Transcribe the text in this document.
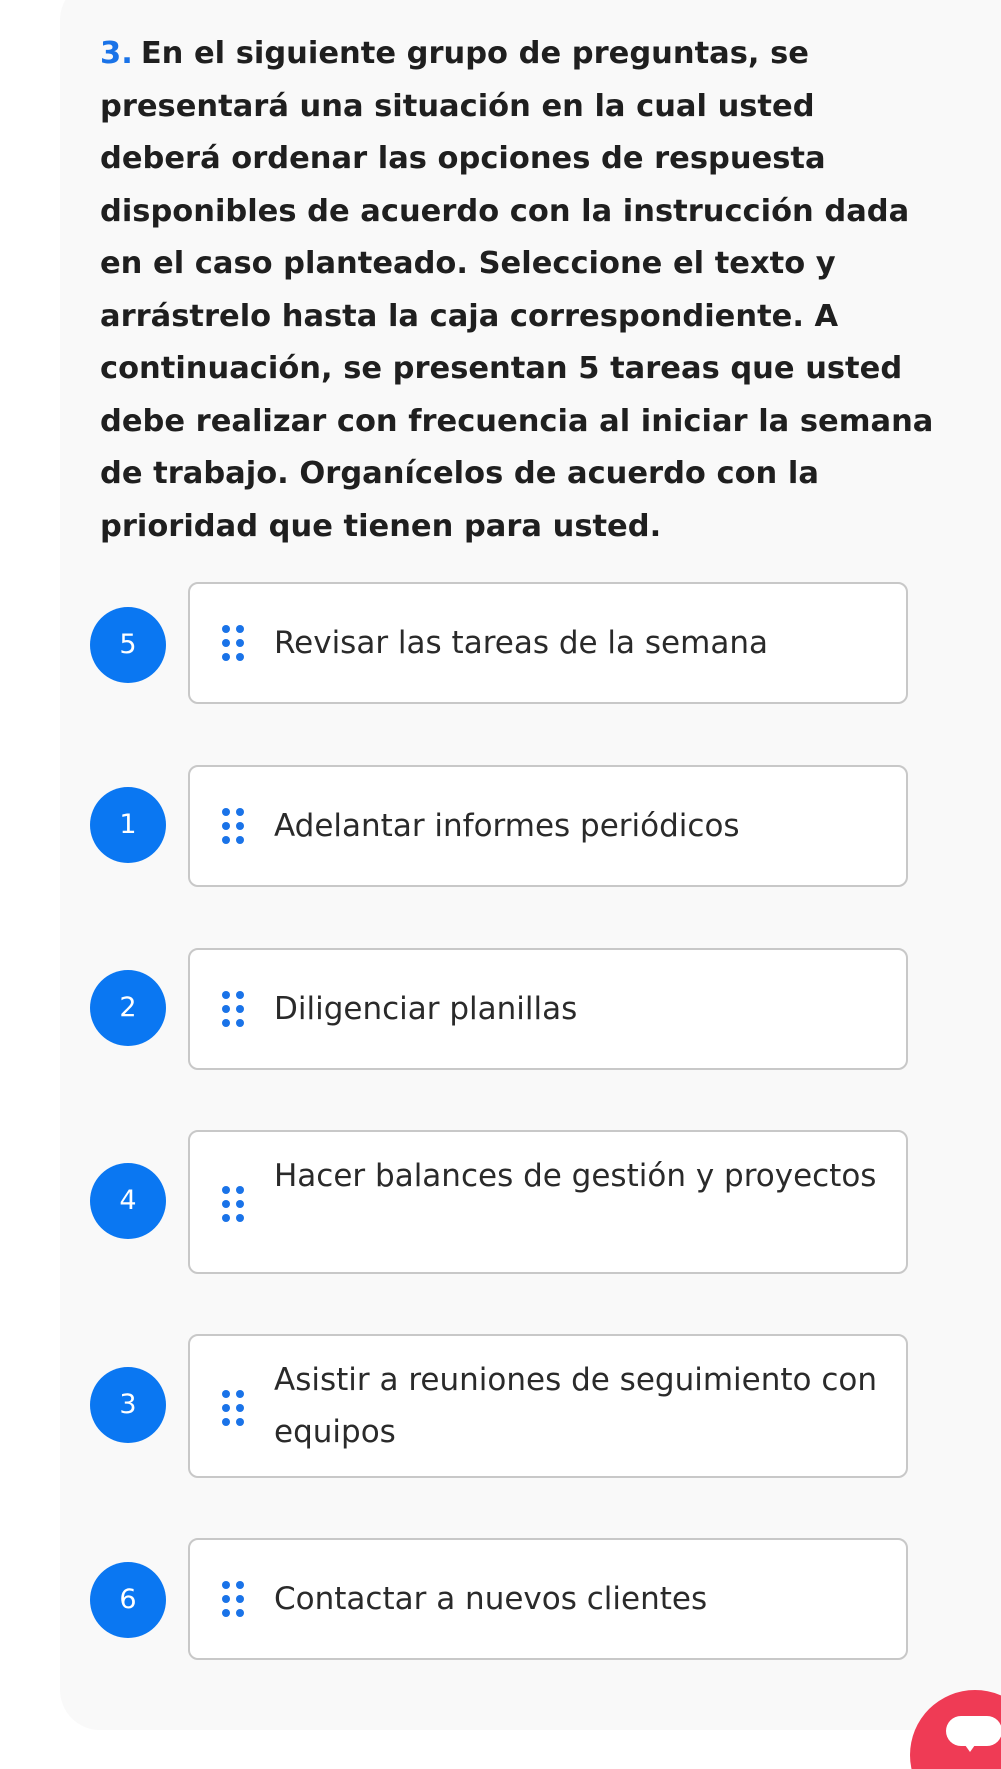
3. En el siguiente grupo de preguntas, se presentará una situación en la cual usted deberá ordenar las opciones de respuesta disponibles de acuerdo con la instrucción dada en el caso planteado. Seleccione el texto y arrástrelo hasta la caja correspondiente. A continuación, se presentan 5 tareas que usted debe realizar con frecuencia al iniciar la semana de trabajo. Organícelos de acuerdo con la prioridad que tienen para usted.

5	Revisar las tareas de la semana
1	Adelantar informes periódicos
2	Diligenciar planillas
4
Hacer balances de gestión y proyectos
3
Asistir a reuniones de seguimiento con equipos
6	Contactar a nuevos clientes
